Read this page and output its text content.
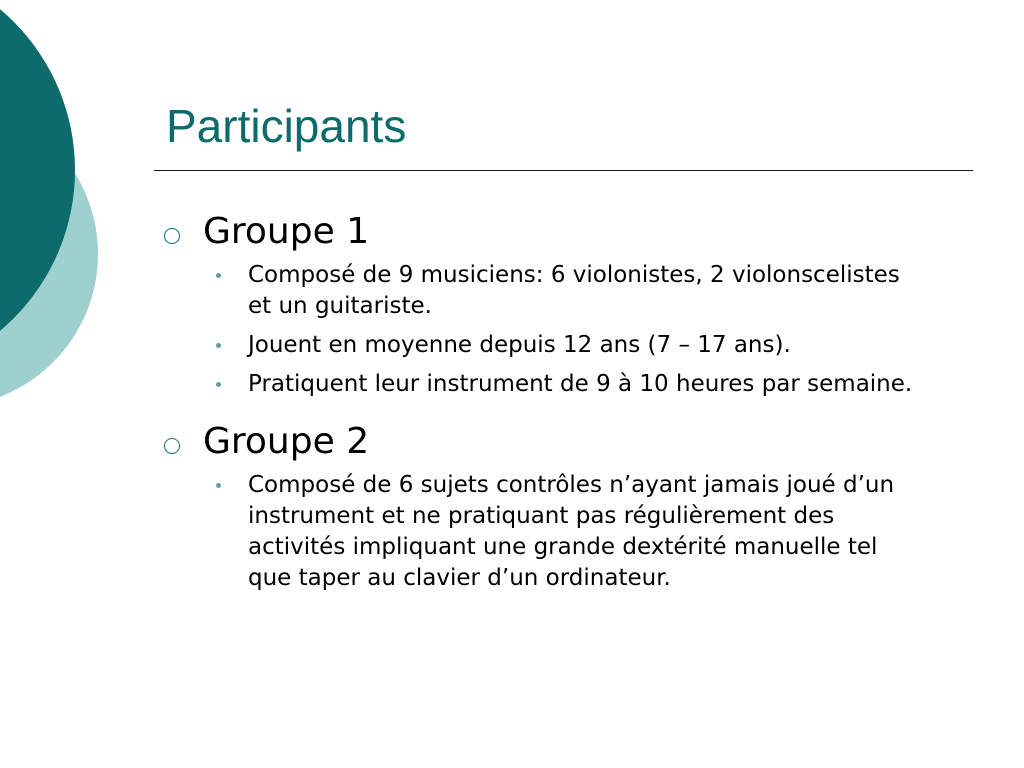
Participants

Groupe 1

Composé de 9 musiciens: 6 violonistes, 2 violonscelistes et un guitariste.
Jouent en moyenne depuis 12 ans (7 – 17 ans).
Pratiquent leur instrument de 9 à 10 heures par semaine.

Groupe 2

Composé de 6 sujets contrôles n’ayant jamais joué d’un instrument et ne pratiquant pas régulièrement des activités impliquant une grande dextérité manuelle tel que taper au clavier d’un ordinateur.
